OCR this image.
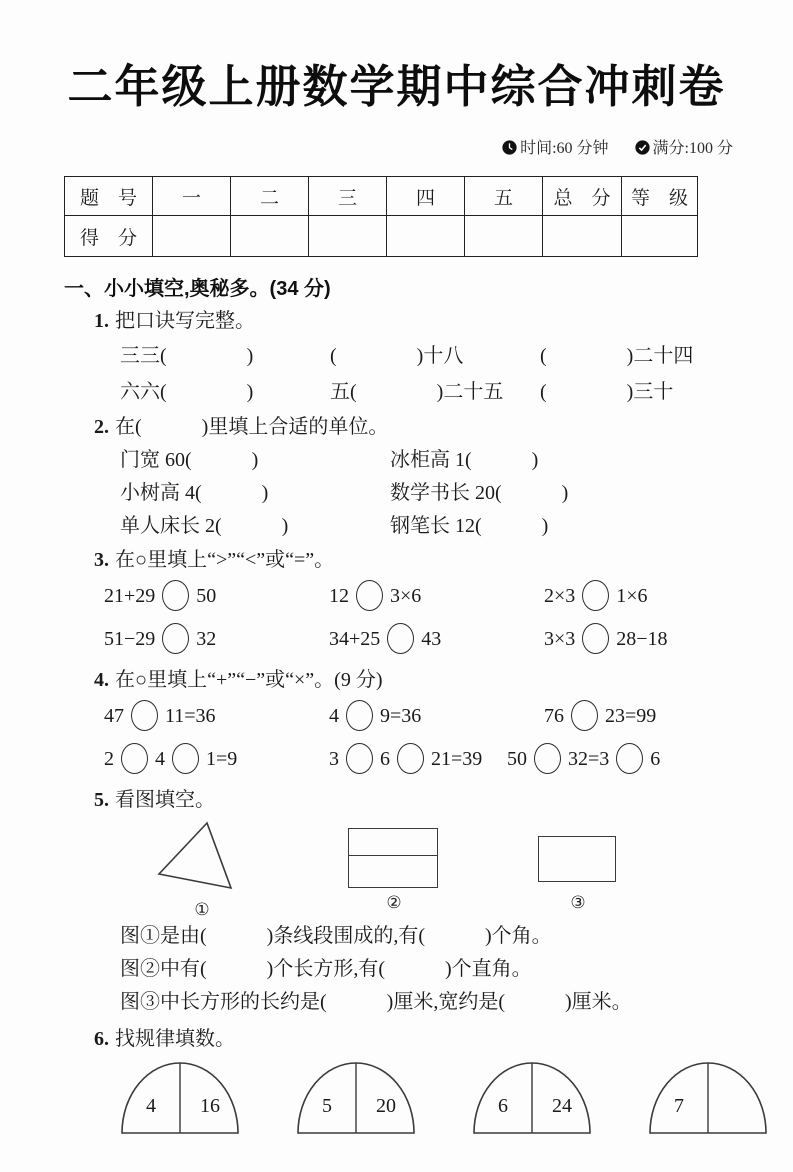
二年级上册数学期中综合冲刺卷
时间:60 分钟	满分:100 分
题　号	一	二	三	四	五	总　分	等　级
得　分							
一、小小填空,奥秘多。(34 分)
1. 把口诀写完整。
三三(　　　　)	(　　　　)十八	(　　　　)二十四
六六(　　　　)	五(　　　　)二十五	(　　　　)三十
2. 在(　　　)里填上合适的单位。
门宽 60(　　　)	冰柜高 1(　　　)
小树高 4(　　　)	数学书长 20(　　　)
单人床长 2(　　　)	钢笔长 12(　　　)
3. 在○里填上“>”“<”或“=”。
21+29 50	12 3×6	2×3 1×6
51−29 32	34+25 43	3×3 28−18
4. 在○里填上“+”“−”或“×”。(9 分)
47 11=36	4 9=36	76 23=99
2 4 1=9	3 6 21=39	50 32=3 6
5. 看图填空。
①	②	③
图①是由(　　　)条线段围成的,有(　　　)个角。
图②中有(　　　)个长方形,有(　　　)个直角。
图③中长方形的长约是(　　　)厘米,宽约是(　　　)厘米。
6. 找规律填数。
4	16	5	20	6	24	7
